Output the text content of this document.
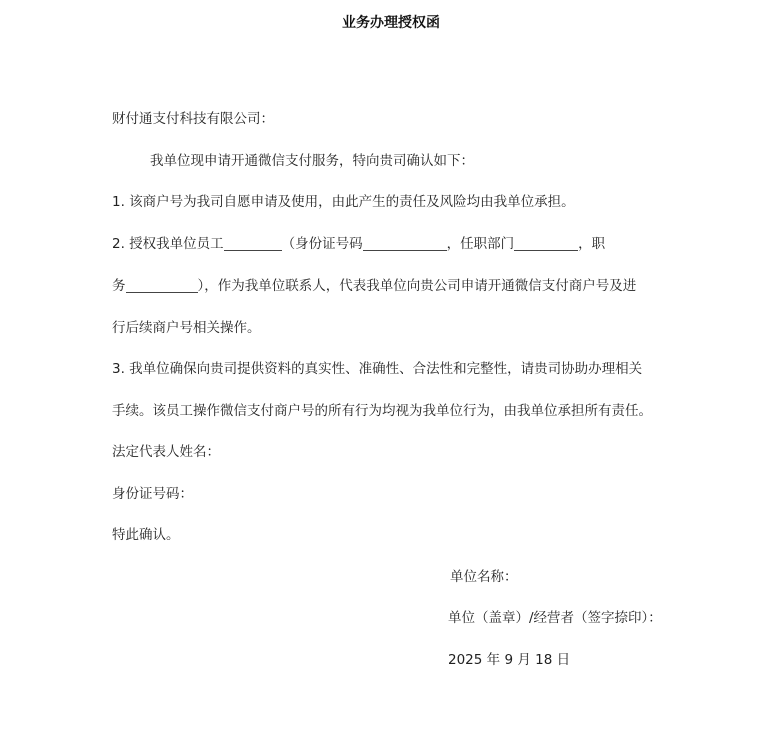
业务办理授权函
财付通支付科技有限公司：
我单位现申请开通微信支付服务，特向贵司确认如下：
1. 该商户号为我司自愿申请及使用，由此产生的责任及风险均由我单位承担。
2. 授权我单位员工	（身份证号码	，任职部门	，职
务	），作为我单位联系人，代表我单位向贵公司申请开通微信支付商户号及进
行后续商户号相关操作。
3. 我单位确保向贵司提供资料的真实性、准确性、合法性和完整性，请贵司协助办理相关
手续。该员工操作微信支付商户号的所有行为均视为我单位行为，由我单位承担所有责任。
法定代表人姓名：
身份证号码：
特此确认。
单位名称：
单位（盖章）/经营者（签字捺印）：
2025 年 9 月 18 日
